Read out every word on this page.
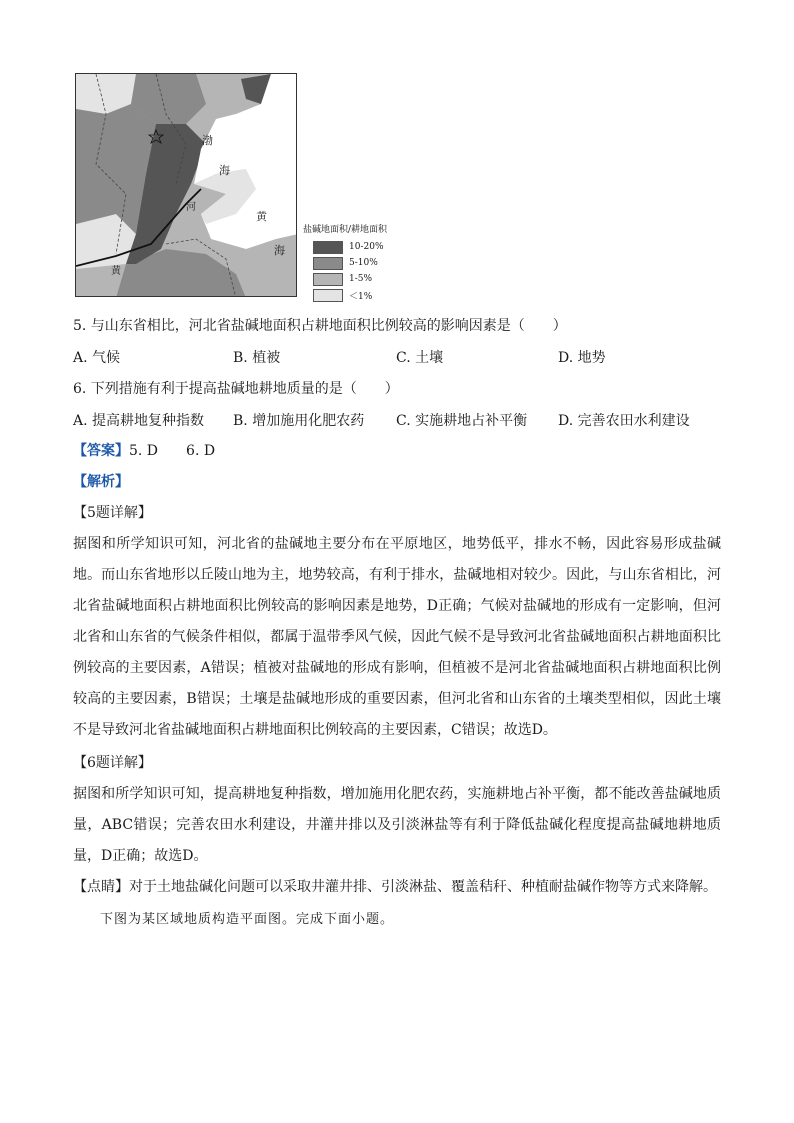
渤
海
黄
海
河
黄
盐碱地面积/耕地面积
10-20%
5-10%
1-5%
＜1%
5. 与山东省相比，河北省盐碱地面积占耕地面积比例较高的影响因素是（　　）
A. 气候	B. 植被	C. 土壤	D. 地势
6. 下列措施有利于提高盐碱地耕地质量的是（　　）
A. 提高耕地复种指数 B. 增加施用化肥农药 C. 实施耕地占补平衡 D. 完善农田水利建设
【答案】5. D　　6. D
【解析】
【5题详解】
据图和所学知识可知，河北省的盐碱地主要分布在平原地区，地势低平，排水不畅，因此容易形成盐碱地。而山东省地形以丘陵山地为主，地势较高，有利于排水，盐碱地相对较少。因此，与山东省相比，河北省盐碱地面积占耕地面积比例较高的影响因素是地势，D正确；气候对盐碱地的形成有一定影响，但河北省和山东省的气候条件相似，都属于温带季风气候，因此气候不是导致河北省盐碱地面积占耕地面积比例较高的主要因素，A错误；植被对盐碱地的形成有影响，但植被不是河北省盐碱地面积占耕地面积比例较高的主要因素，B错误；土壤是盐碱地形成的重要因素，但河北省和山东省的土壤类型相似，因此土壤不是导致河北省盐碱地面积占耕地面积比例较高的主要因素，C错误；故选D。
【6题详解】
据图和所学知识可知，提高耕地复种指数，增加施用化肥农药，实施耕地占补平衡，都不能改善盐碱地质量，ABC错误；完善农田水利建设，井灌井排以及引淡淋盐等有利于降低盐碱化程度提高盐碱地耕地质量，D正确；故选D。
【点睛】对于土地盐碱化问题可以采取井灌井排、引淡淋盐、覆盖秸秆、种植耐盐碱作物等方式来降解。
下图为某区域地质构造平面图。完成下面小题。
